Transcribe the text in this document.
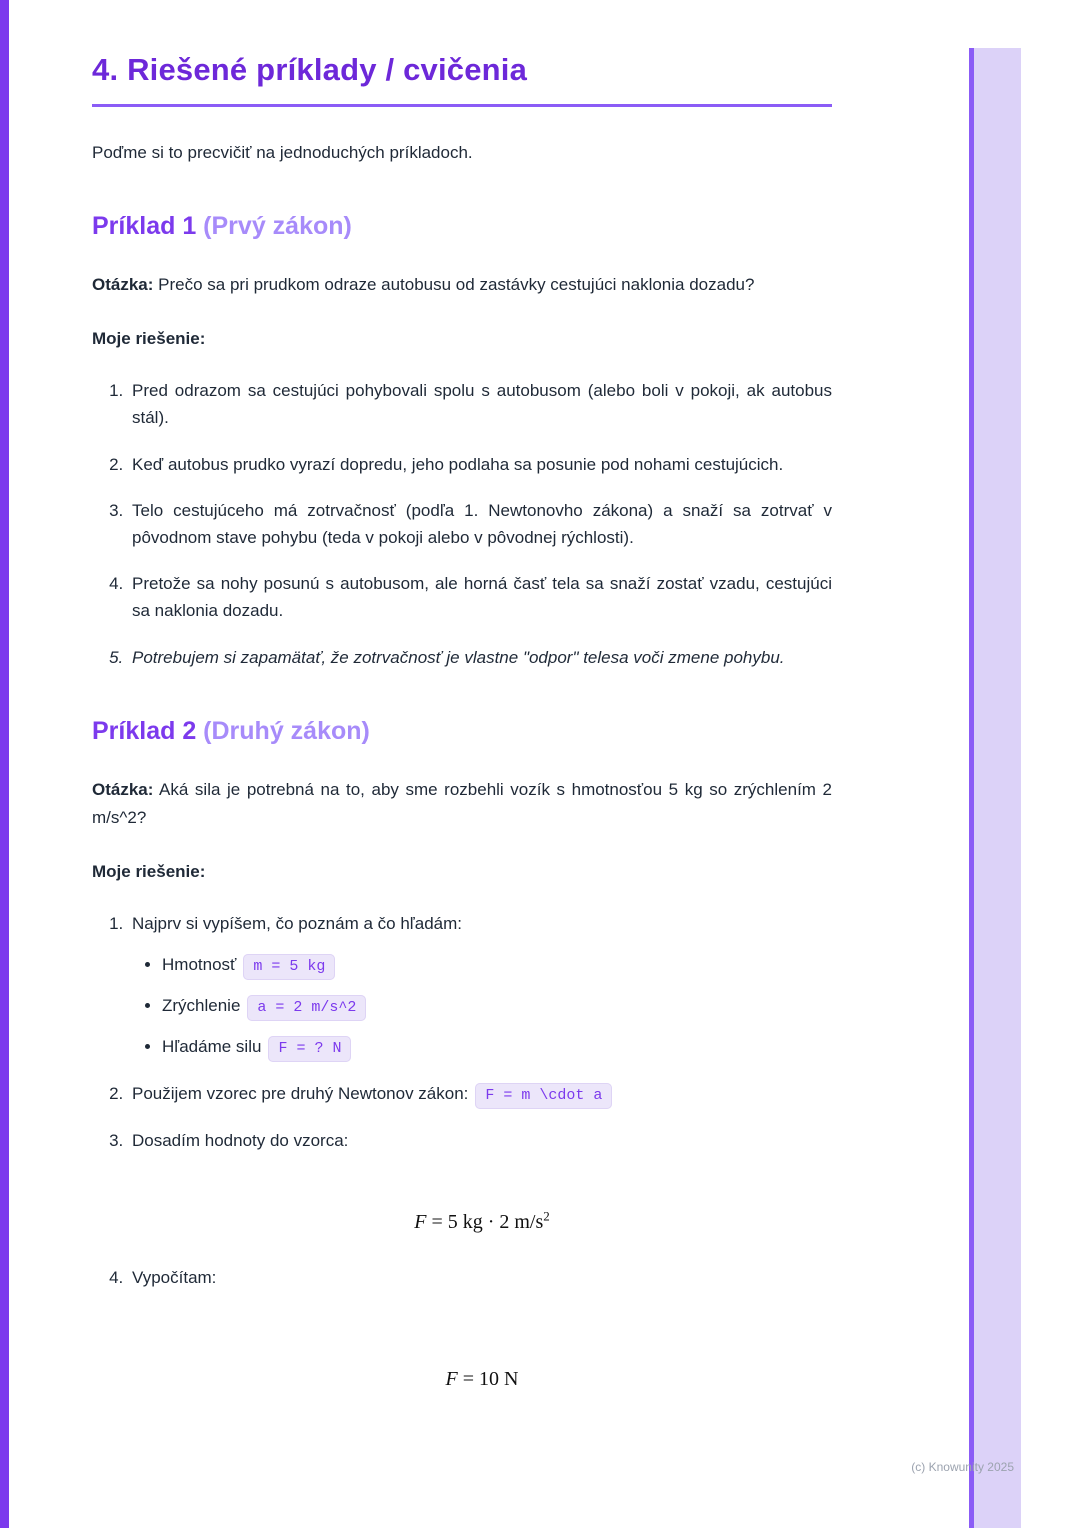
4. Riešené príklady / cvičenia

Poďme si to precvičiť na jednoduchých príkladoch.

Príklad 1 (Prvý zákon)

Otázka: Prečo sa pri prudkom odraze autobusu od zastávky cestujúci naklonia dozadu?

Moje riešenie:

1. Pred odrazom sa cestujúci pohybovali spolu s autobusom (alebo boli v pokoji, ak autobus stál).
2. Keď autobus prudko vyrazí dopredu, jeho podlaha sa posunie pod nohami cestujúcich.
3. Telo cestujúceho má zotrvačnosť (podľa 1. Newtonovho zákona) a snaží sa zotrvať v pôvodnom stave pohybu (teda v pokoji alebo v pôvodnej rýchlosti).
4. Pretože sa nohy posunú s autobusom, ale horná časť tela sa snaží zostať vzadu, cestujúci sa naklonia dozadu.
5. Potrebujem si zapamätať, že zotrvačnosť je vlastne "odpor" telesa voči zmene pohybu.
Príklad 2 (Druhý zákon)

Otázka: Aká sila je potrebná na to, aby sme rozbehli vozík s hmotnosťou 5 kg so zrýchlením 2 m/s^2?

Moje riešenie:

1. Najprv si vypíšem, čo poznám a čo hľadám:
• Hmotnosť m = 5 kg
• Zrýchlenie a = 2 m/s^2
• Hľadáme silu F = ? N
2. Použijem vzorec pre druhý Newtonov zákon: F = m \cdot a
3. Dosadím hodnoty do vzorca:
F = 5 kg · 2 $m/s^2$
4. Vypočítam:
F = 10 N
(c) Knowunity 2025
